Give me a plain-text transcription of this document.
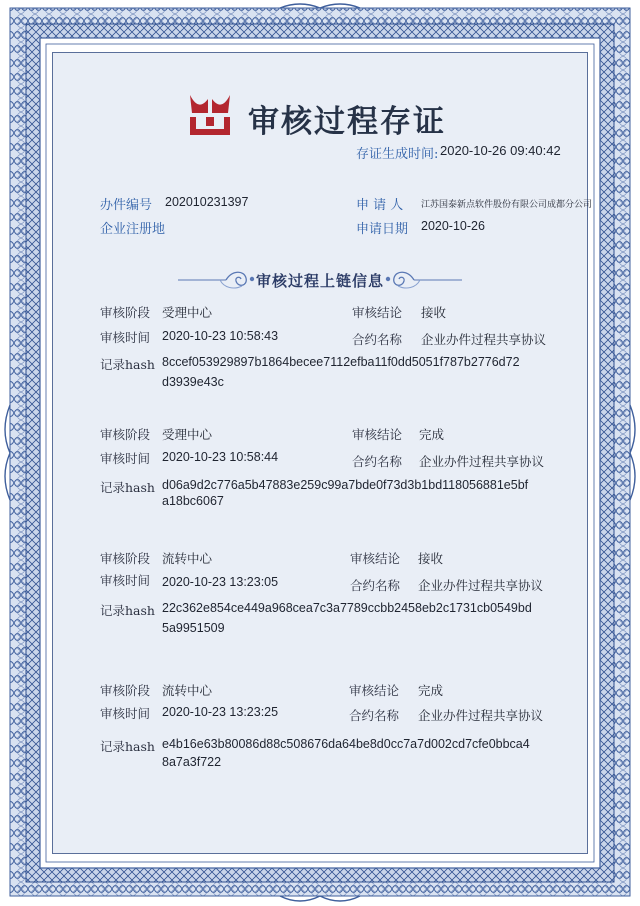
审核过程存证
存证生成时间: 2020-10-26 09:40:42
办件编号 202010231397	申 请 人 江苏国泰新点软件股份有限公司成都分公司
企业注册地	申请日期 2020-10-26
审核过程上链信息
审核阶段 受理中心	审核结论 接收
审核时间 2020-10-23 10:58:43	合约名称 企业办件过程共享协议
记录hash 8ccef053929897b1864becee7112efba11f0dd5051f787b2776d72
d3939e43c
审核阶段 受理中心	审核结论 完成
审核时间 2020-10-23 10:58:44	合约名称 企业办件过程共享协议
记录hash d06a9d2c776a5b47883e259c99a7bde0f73d3b1bd118056881e5bf
a18bc6067
审核阶段 流转中心	审核结论 接收
审核时间 2020-10-23 13:23:05	合约名称 企业办件过程共享协议
记录hash 22c362e854ce449a968cea7c3a7789ccbb2458eb2c1731cb0549bd
5a9951509
审核阶段 流转中心	审核结论 完成
审核时间 2020-10-23 13:23:25	合约名称 企业办件过程共享协议
记录hash e4b16e63b80086d88c508676da64be8d0cc7a7d002cd7cfe0bbca4
8a7a3f722
